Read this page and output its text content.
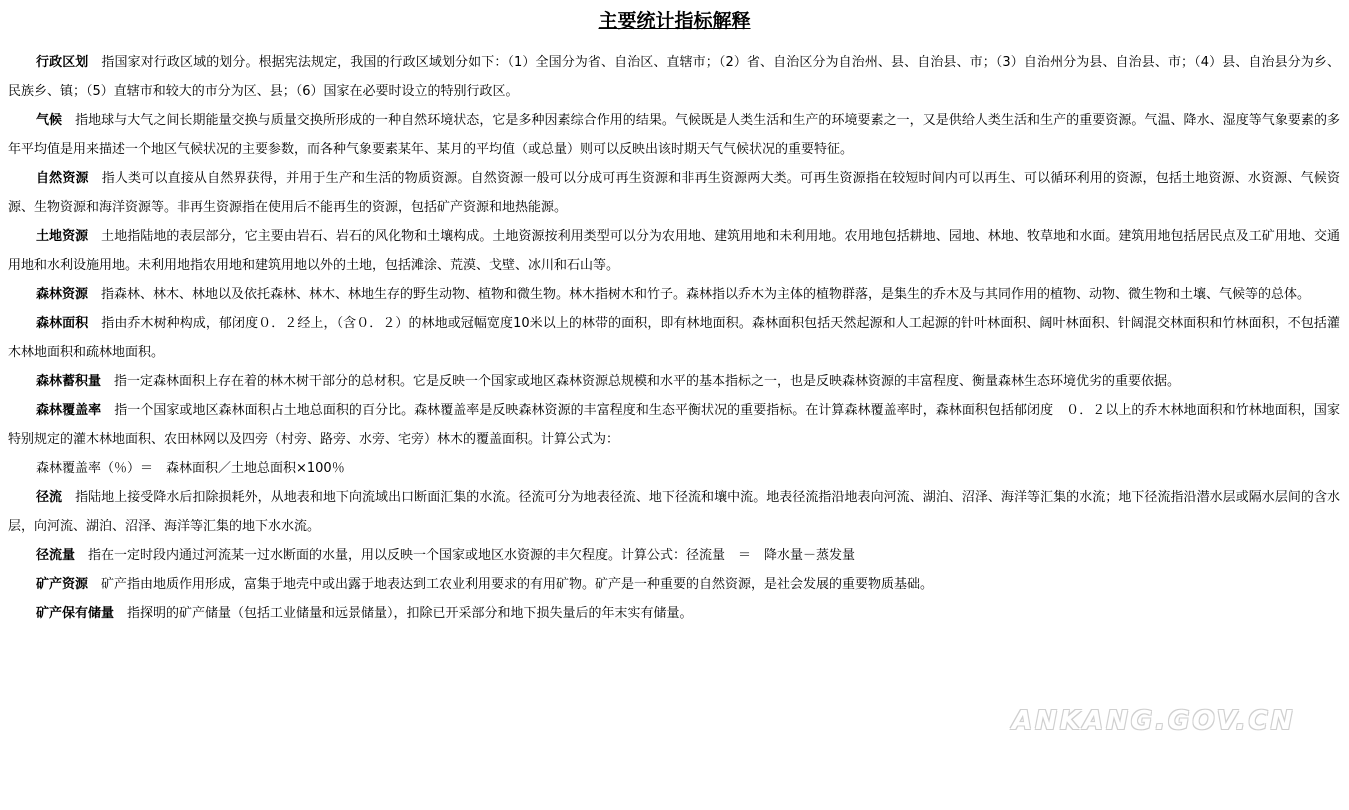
主要统计指标解释

行政区划 指国家对行政区域的划分。根据宪法规定，我国的行政区域划分如下：（1）全国分为省、自治区、直辖市；（2）省、自治区分为自治州、县、自治县、市；（3）自治州分为县、自治县、市；（4）县、自治县分为乡、民族乡、镇；（5）直辖市和较大的市分为区、县；（6）国家在必要时设立的特别行政区。

气候 指地球与大气之间长期能量交换与质量交换所形成的一种自然环境状态，它是多种因素综合作用的结果。气候既是人类生活和生产的环境要素之一，又是供给人类生活和生产的重要资源。气温、降水、湿度等气象要素的多年平均值是用来描述一个地区气候状况的主要参数，而各种气象要素某年、某月的平均值（或总量）则可以反映出该时期天气气候状况的重要特征。

自然资源 指人类可以直接从自然界获得，并用于生产和生活的物质资源。自然资源一般可以分成可再生资源和非再生资源两大类。可再生资源指在较短时间内可以再生、可以循环利用的资源，包括土地资源、水资源、气候资源、生物资源和海洋资源等。非再生资源指在使用后不能再生的资源，包括矿产资源和地热能源。

土地资源 土地指陆地的表层部分，它主要由岩石、岩石的风化物和土壤构成。土地资源按利用类型可以分为农用地、建筑用地和未利用地。农用地包括耕地、园地、林地、牧草地和水面。建筑用地包括居民点及工矿用地、交通用地和水利设施用地。未利用地指农用地和建筑用地以外的土地，包括滩涂、荒漠、戈壁、冰川和石山等。

森林资源 指森林、林木、林地以及依托森林、林木、林地生存的野生动物、植物和微生物。林木指树木和竹子。森林指以乔木为主体的植物群落，是集生的乔木及与其同作用的植物、动物、微生物和土壤、气候等的总体。

森林面积 指由乔木树种构成，郁闭度０．２经上，（含０．２）的林地或冠幅宽度10米以上的林带的面积，即有林地面积。森林面积包括天然起源和人工起源的针叶林面积、阔叶林面积、针阔混交林面积和竹林面积，不包括灌木林地面积和疏林地面积。

森林蓄积量 指一定森林面积上存在着的林木树干部分的总材积。它是反映一个国家或地区森林资源总规模和水平的基本指标之一，也是反映森林资源的丰富程度、衡量森林生态环境优劣的重要依据。

森林覆盖率 指一个国家或地区森林面积占土地总面积的百分比。森林覆盖率是反映森林资源的丰富程度和生态平衡状况的重要指标。在计算森林覆盖率时，森林面积包括郁闭度　０．２以上的乔木林地面积和竹林地面积，国家特别规定的灌木林地面积、农田林网以及四旁（村旁、路旁、水旁、宅旁）林木的覆盖面积。计算公式为：

森林覆盖率（％）＝　森林面积／土地总面积×100％

径流 指陆地上接受降水后扣除损耗外，从地表和地下向流域出口断面汇集的水流。径流可分为地表径流、地下径流和壤中流。地表径流指沿地表向河流、湖泊、沼泽、海洋等汇集的水流；地下径流指沿潜水层或隔水层间的含水层，向河流、湖泊、沼泽、海洋等汇集的地下水水流。

径流量 指在一定时段内通过河流某一过水断面的水量，用以反映一个国家或地区水资源的丰欠程度。计算公式：径流量　＝　降水量－蒸发量

矿产资源 矿产指由地质作用形成，富集于地壳中或出露于地表达到工农业利用要求的有用矿物。矿产是一种重要的自然资源，是社会发展的重要物质基础。

矿产保有储量 指探明的矿产储量（包括工业储量和远景储量），扣除已开采部分和地下损失量后的年末实有储量。

ANKANG.GOV.CN
